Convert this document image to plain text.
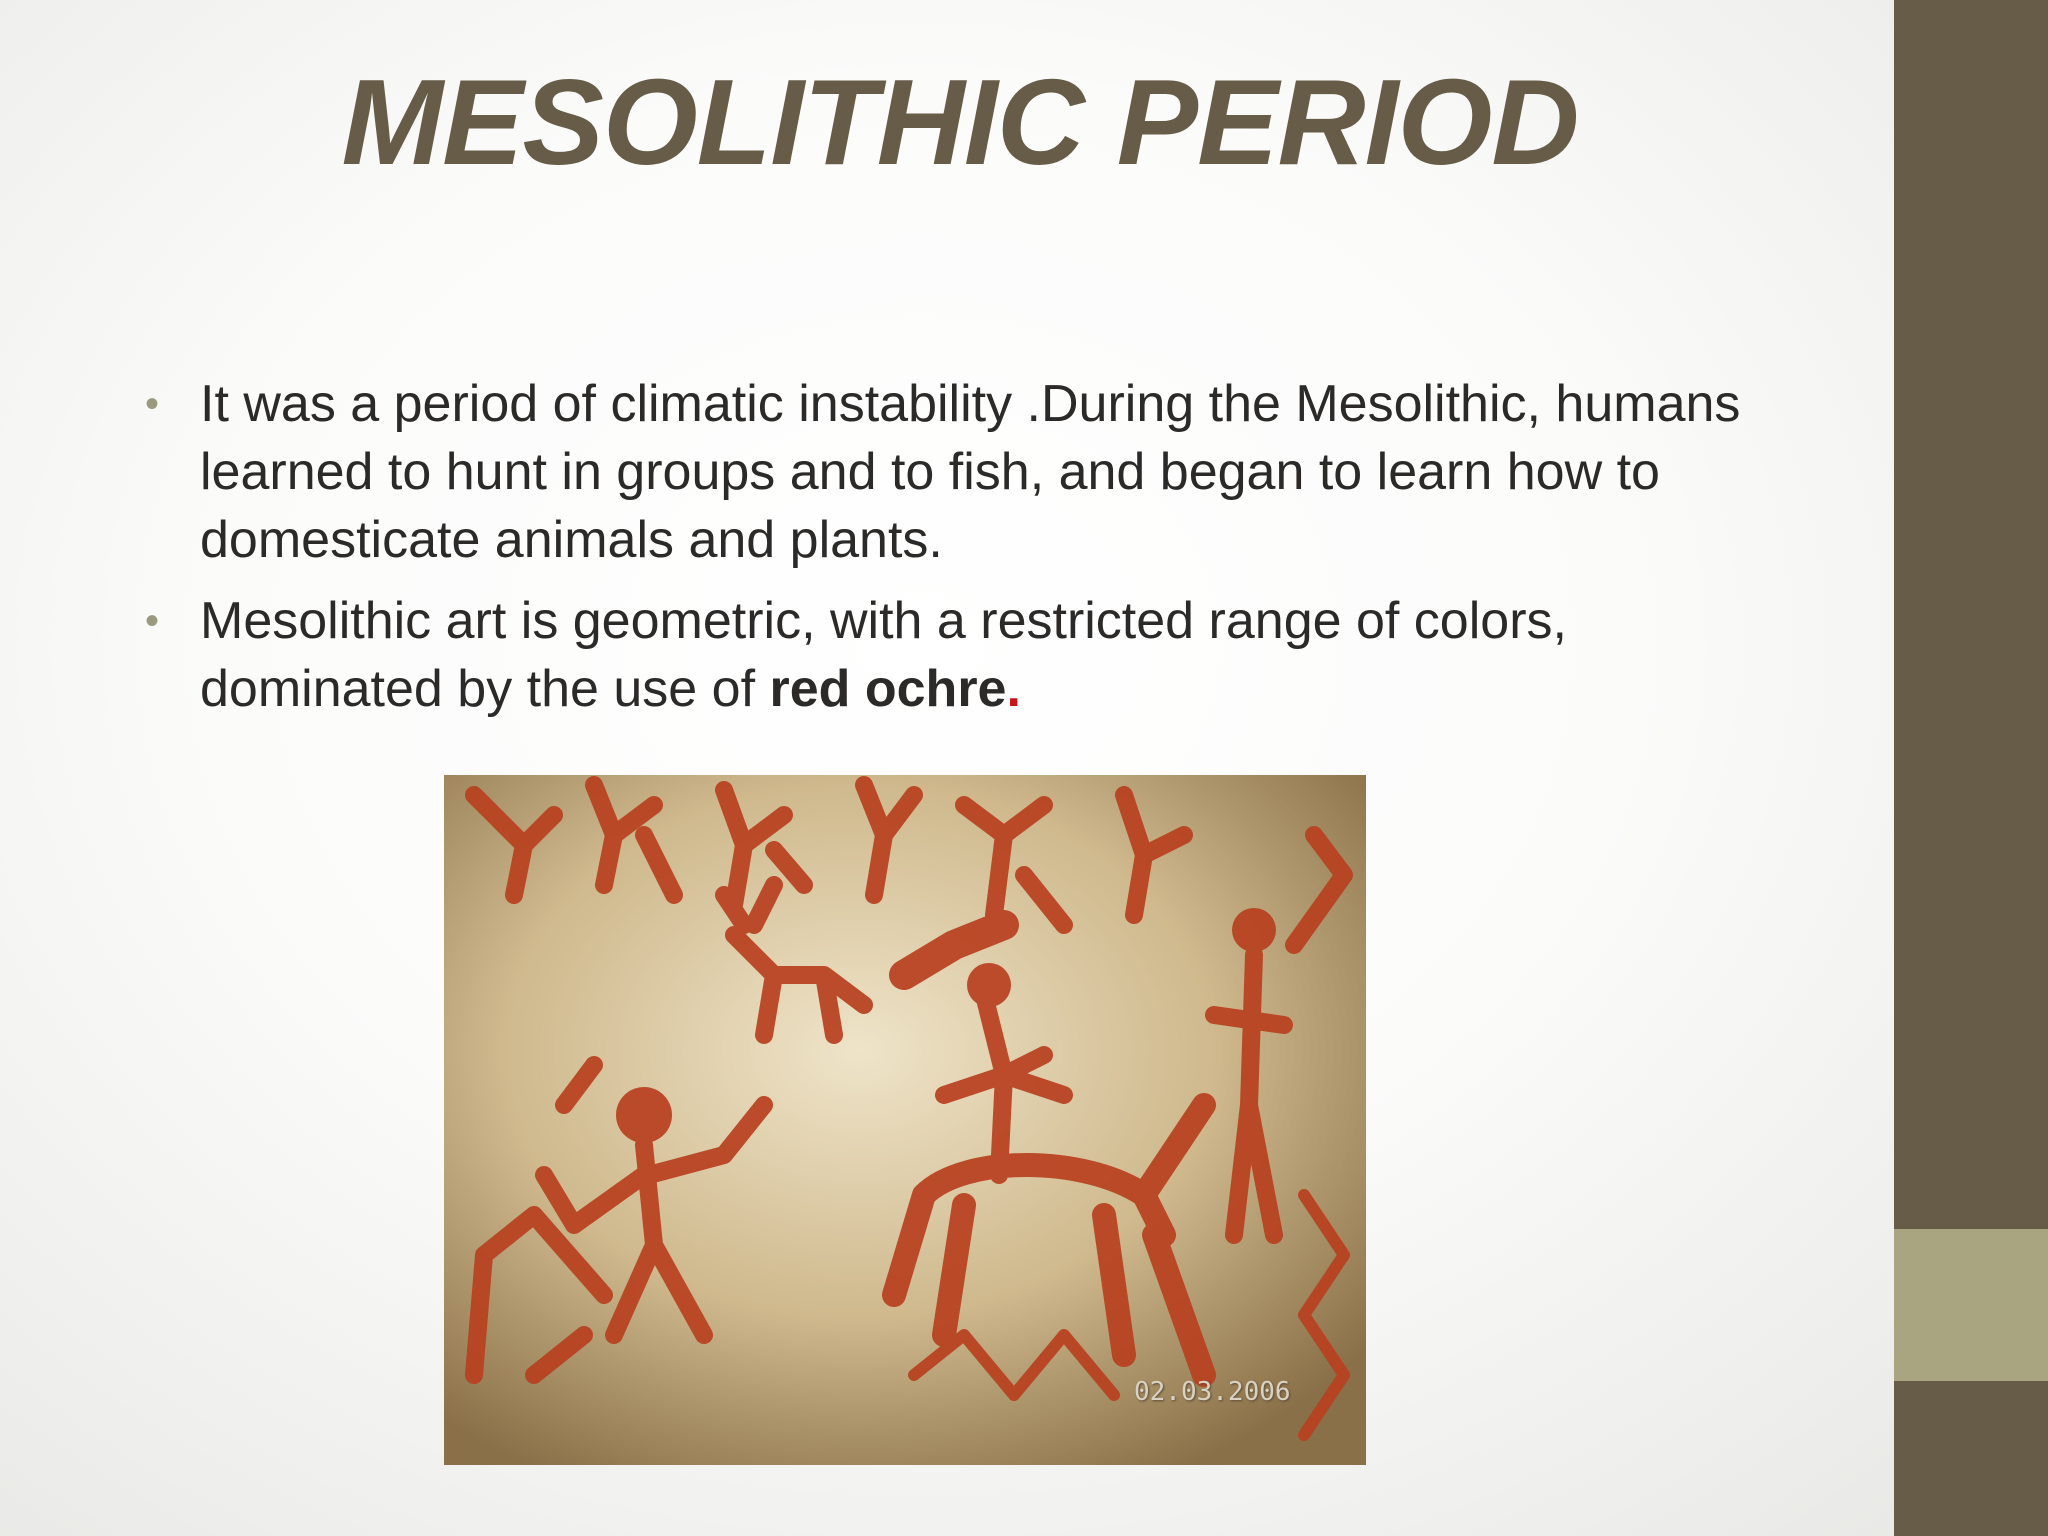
MESOLITHIC PERIOD
• It was a period of climatic instability .During the Mesolithic, humans learned to hunt in groups and to fish, and began to learn how to domesticate animals and plants.
• Mesolithic art is geometric, with a restricted range of colors, dominated by the use of red ochre.
02.03.2006
